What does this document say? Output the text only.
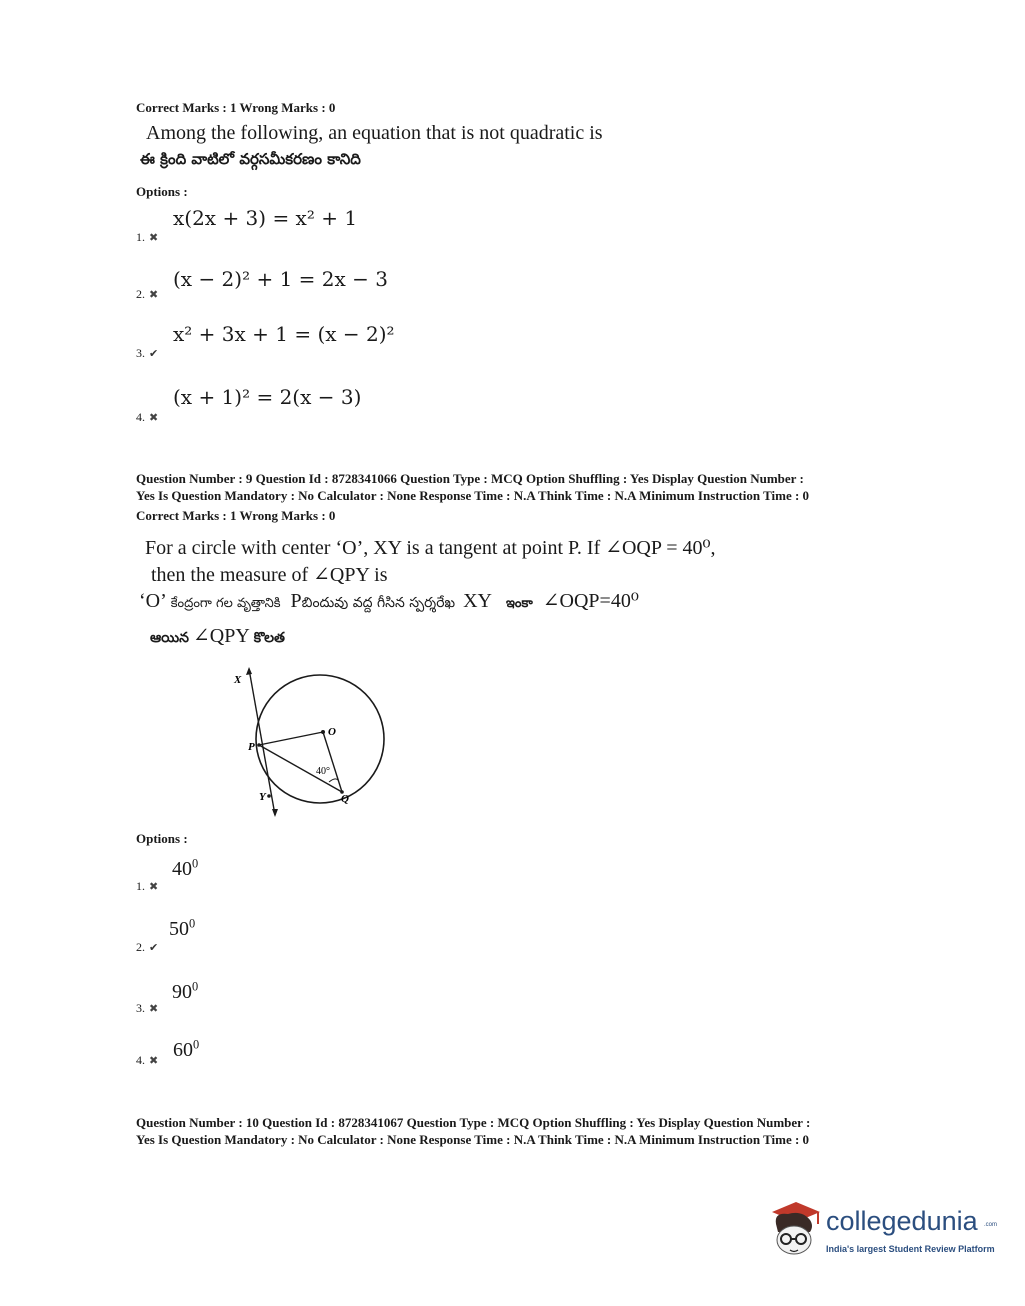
Correct Marks : 1 Wrong Marks : 0
Among the following, an equation that is not quadratic is
ఈ క్రింది వాటిలో వర్గసమీకరణం కానిది
Options :
1. ✖
x(2x + 3) = x² + 1
2. ✖
(x − 2)² + 1 = 2x − 3
3. ✔
x² + 3x + 1 = (x − 2)²
4. ✖
(x + 1)² = 2(x − 3)
Question Number : 9 Question Id : 8728341066 Question Type : MCQ Option Shuffling : Yes Display Question Number :
Yes Is Question Mandatory : No Calculator : None Response Time : N.A Think Time : N.A Minimum Instruction Time : 0
Correct Marks : 1 Wrong Marks : 0
For a circle with center ‘O’, XY is a tangent at point P. If ∠OQP = 40⁰,
then the measure of ∠QPY is
‘O’ కేంద్రంగా గల వృత్తానికి Pబిందువు వద్ద గీసిన స్పర్శరేఖ XY ఇంకా ∠OQP=40⁰
ఆయిన ∠QPY కొలత
X
Y
P
O
Q
40°
Options :
1. ✖
$40^0$
2. ✔
$50^0$
3. ✖
$90^0$
4. ✖ $60^0$
Question Number : 10 Question Id : 8728341067 Question Type : MCQ Option Shuffling : Yes Display Question Number :
Yes Is Question Mandatory : No Calculator : None Response Time : N.A Think Time : N.A Minimum Instruction Time : 0
collegedunia .com
India's largest Student Review Platform
